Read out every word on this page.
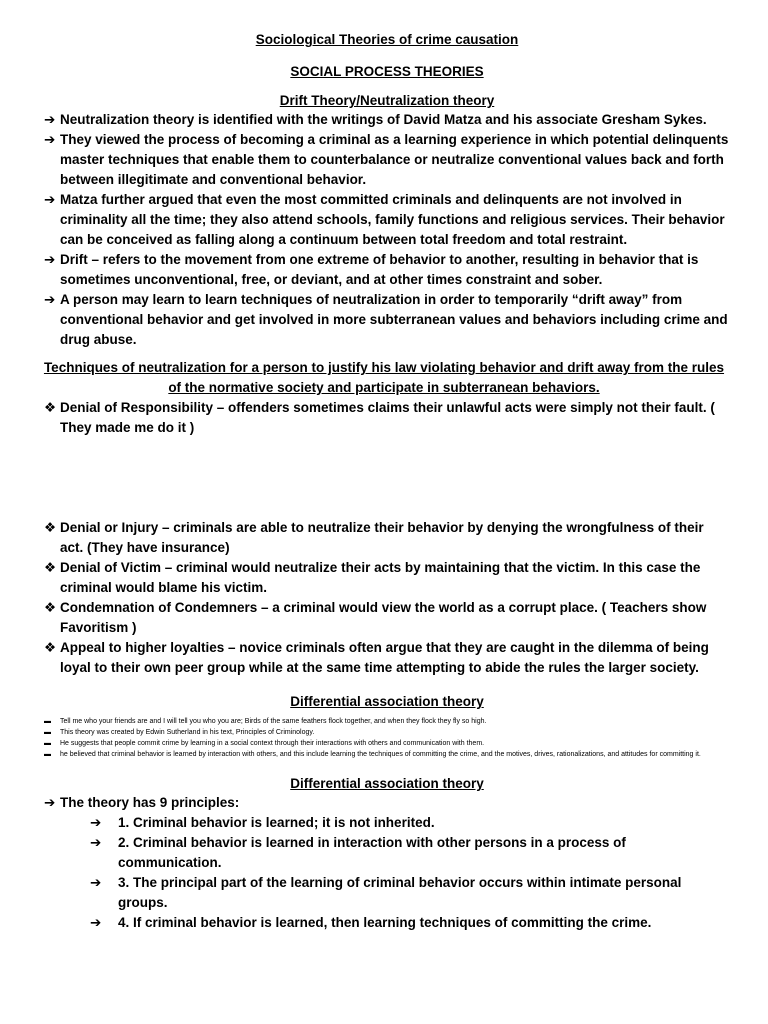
Sociological Theories of crime causation
SOCIAL PROCESS THEORIES
Drift Theory/Neutralization theory
➔ Neutralization theory is identified with the writings of David Matza and his associate Gresham Sykes.
➔ They viewed the process of becoming a criminal as a learning experience in which potential delinquents master techniques that enable them to counterbalance or neutralize conventional values back and forth between illegitimate and conventional behavior.
➔ Matza further argued that even the most committed criminals and delinquents are not involved in criminality all the time; they also attend schools, family functions and religious services. Their behavior can be conceived as falling along a continuum between total freedom and total restraint.
➔ Drift – refers to the movement from one extreme of behavior to another, resulting in behavior that is sometimes unconventional, free, or deviant, and at other times constraint and sober.
➔ A person may learn to learn techniques of neutralization in order to temporarily “drift away” from conventional behavior and get involved in more subterranean values and behaviors including crime and drug abuse.

Techniques of neutralization for a person to justify his law violating behavior and drift away from the rules of the normative society and participate in subterranean behaviors.

❖ Denial of Responsibility – offenders sometimes claims their unlawful acts were simply not their fault. ( They made me do it )
❖ Denial or Injury – criminals are able to neutralize their behavior by denying the wrongfulness of their act. (They have insurance)
❖ Denial of Victim – criminal would neutralize their acts by maintaining that the victim. In this case the criminal would blame his victim.
❖ Condemnation of Condemners – a criminal would view the world as a corrupt place. ( Teachers show Favoritism )
❖ Appeal to higher loyalties – novice criminals often argue that they are caught in the dilemma of being loyal to their own peer group while at the same time attempting to abide the rules the larger society.
Differential association theory
▬ Tell me who your friends are and I will tell you who you are; Birds of the same feathers flock together, and when they flock they fly so high.
▬ This theory was created by Edwin Sutherland in his text, Principles of Criminology.
▬ He suggests that people commit crime by learning in a social context through their interactions with others and communication with them.
▬ he believed that criminal behavior is learned by interaction with others, and this include learning the techniques of committing the crime, and the motives, drives, rationalizations, and attitudes for committing it.
Differential association theory
➔ The theory has 9 principles:
➔ 1. Criminal behavior is learned; it is not inherited.
➔ 2. Criminal behavior is learned in interaction with other persons in a process of communication.
➔ 3. The principal part of the learning of criminal behavior occurs within intimate personal groups.
➔ 4. If criminal behavior is learned, then learning techniques of committing the crime.
